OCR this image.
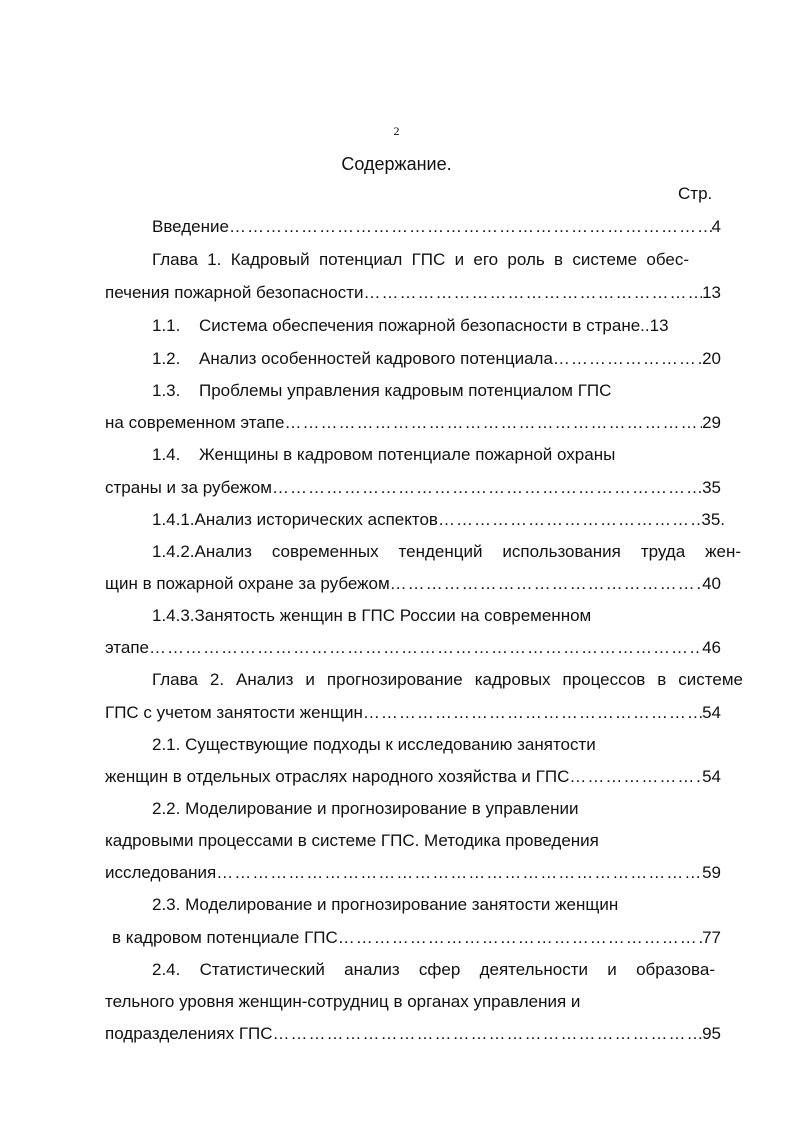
2
Содержание.
Стр.
Введение …………………………………………………………………………………………………………………………………………………	4
Глава 1. Кадровый потенциал ГПС и его роль в системе обес-
печения пожарной безопасности …………………………………………………………………………………………………………………………………………………	13
1.1. Система обеспечения пожарной безопасности в стране.. 13
1.2. Анализ особенностей кадрового потенциала …………………………………………………………………………………………………………………………………………………	20
1.3. Проблемы управления кадровым потенциалом ГПС
на современном этапе …………………………………………………………………………………………………………………………………………………	29
1.4. Женщины в кадровом потенциале пожарной охраны
страны и за рубежом …………………………………………………………………………………………………………………………………………………	35
1.4.1.Анализ исторических аспектов …………………………………………………………………………………………………………………………………………………	35.
1.4.2.Анализ современных тенденций использования труда жен-
щин в пожарной охране за рубежом …………………………………………………………………………………………………………………………………………………	40
1.4.3.Занятость женщин в ГПС России на современном
этапе …………………………………………………………………………………………………………………………………………………	46
Глава 2. Анализ и прогнозирование кадровых процессов в системе
ГПС с учетом занятости женщин …………………………………………………………………………………………………………………………………………………	54
2.1. Существующие подходы к исследованию занятости
женщин в отдельных отраслях народного хозяйства и ГПС …………………………………………………………………………………………………………………………………………………	54
2.2. Моделирование и прогнозирование в управлении
кадровыми процессами в системе ГПС. Методика проведения
исследования …………………………………………………………………………………………………………………………………………………	59
2.3. Моделирование и прогнозирование занятости женщин
в кадровом потенциале ГПС …………………………………………………………………………………………………………………………………………………	77
2.4. Статистический анализ сфер деятельности и образова-
тельного уровня женщин-сотрудниц в органах управления и
подразделениях ГПС …………………………………………………………………………………………………………………………………………………	95
